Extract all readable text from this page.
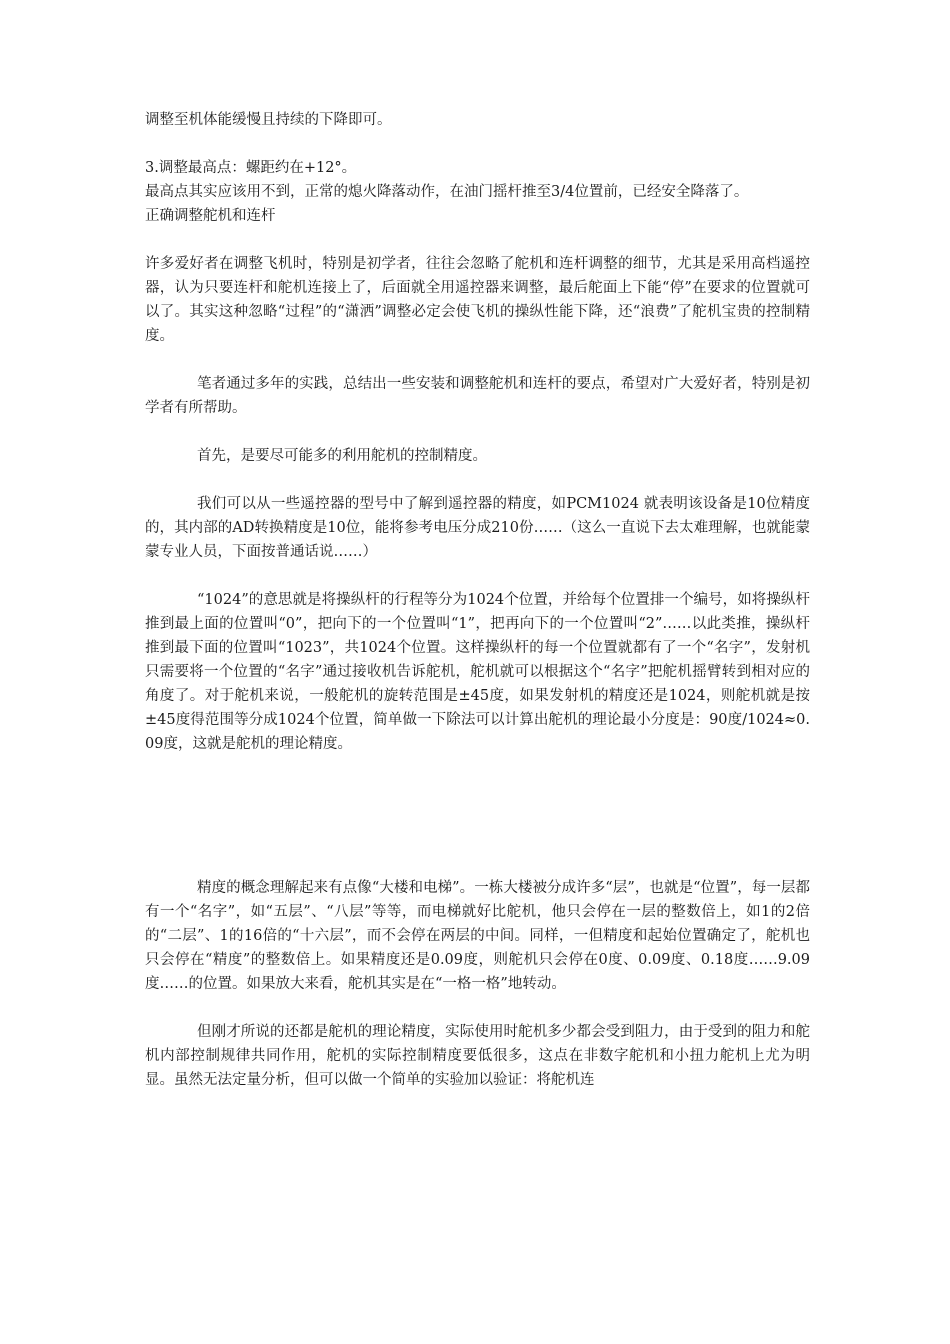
调整至机体能缓慢且持续的下降即可。

3.调整最高点：螺距约在+12°。

最高点其实应该用不到，正常的熄火降落动作，在油门摇杆推至3/4位置前，已经安全降落了。

正确调整舵机和连杆

许多爱好者在调整飞机时，特别是初学者，往往会忽略了舵机和连杆调整的细节，尤其是采用高档遥控器，认为只要连杆和舵机连接上了，后面就全用遥控器来调整，最后舵面上下能“停”在要求的位置就可以了。其实这种忽略“过程”的“潇洒”调整必定会使飞机的操纵性能下降，还“浪费”了舵机宝贵的控制精度。

笔者通过多年的实践，总结出一些安装和调整舵机和连杆的要点，希望对广大爱好者，特别是初学者有所帮助。

首先，是要尽可能多的利用舵机的控制精度。

我们可以从一些遥控器的型号中了解到遥控器的精度，如PCM1024 就表明该设备是10位精度的，其内部的AD转换精度是10位，能将参考电压分成210份……（这么一直说下去太难理解，也就能蒙蒙专业人员，下面按普通话说……）

“1024”的意思就是将操纵杆的行程等分为1024个位置，并给每个位置排一个编号，如将操纵杆推到最上面的位置叫“0”，把向下的一个位置叫“1”，把再向下的一个位置叫“2”……以此类推，操纵杆推到最下面的位置叫“1023”，共1024个位置。这样操纵杆的每一个位置就都有了一个“名字”，发射机只需要将一个位置的“名字”通过接收机告诉舵机，舵机就可以根据这个“名字”把舵机摇臂转到相对应的角度了。对于舵机来说，一般舵机的旋转范围是±45度，如果发射机的精度还是1024，则舵机就是按±45度得范围等分成1024个位置，简单做一下除法可以计算出舵机的理论最小分度是：90度/1024≈0.09度，这就是舵机的理论精度。

精度的概念理解起来有点像“大楼和电梯”。一栋大楼被分成许多“层”，也就是“位置”，每一层都有一个“名字”，如“五层”、“八层”等等，而电梯就好比舵机，他只会停在一层的整数倍上，如1的2倍的“二层”、1的16倍的“十六层”，而不会停在两层的中间。同样，一但精度和起始位置确定了，舵机也只会停在“精度”的整数倍上。如果精度还是0.09度，则舵机只会停在0度、0.09度、0.18度……9.09度……的位置。如果放大来看，舵机其实是在“一格一格”地转动。

但刚才所说的还都是舵机的理论精度，实际使用时舵机多少都会受到阻力，由于受到的阻力和舵机内部控制规律共同作用，舵机的实际控制精度要低很多，这点在非数字舵机和小扭力舵机上尤为明显。虽然无法定量分析，但可以做一个简单的实验加以验证：将舵机连
